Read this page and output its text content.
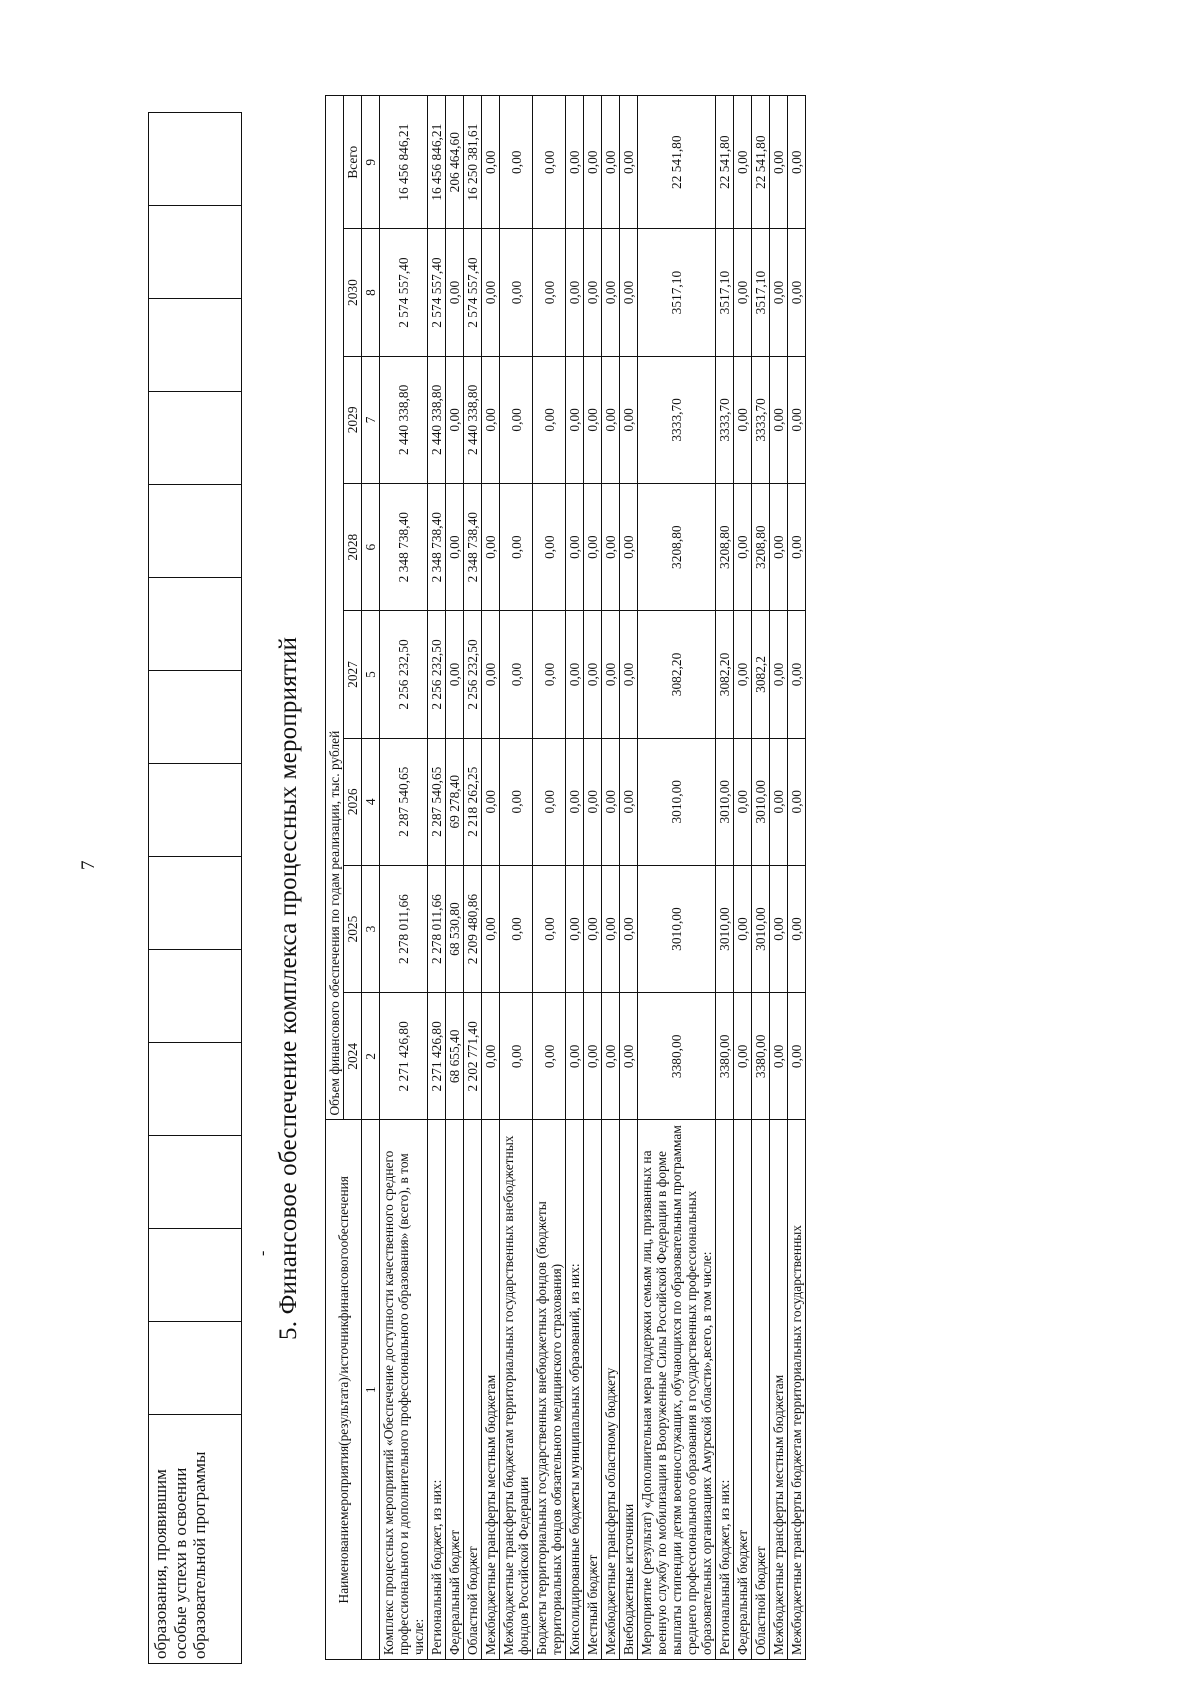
7
образования, проявившим особые успехи в освоении образовательной программы														
- 5. Финансовое обеспечение комплекса процессных мероприятий
Наименованиемероприятия(результата)/источникфинансовогообеспечения	Объем финансового обеспечения по годам реализации, тыс. рублей							
	2024	2025	2026	2027	2028	2029	2030	Всего
1	2	3	4	5	6	7	8	9
Комплекс процессных мероприятий «Обеспечение доступности качественного среднего профессионального и дополнительного профессионального образования» (всего), в том числе:	2 271 426,80	2 278 011,66	2 287 540,65	2 256 232,50	2 348 738,40	2 440 338,80	2 574 557,40	16 456 846,21
Региональный бюджет, из них:	2 271 426,80	2 278 011,66	2 287 540,65	2 256 232,50	2 348 738,40	2 440 338,80	2 574 557,40	16 456 846,21
Федеральный бюджет	68 655,40	68 530,80	69 278,40	0,00	0,00	0,00	0,00	206 464,60
Областной бюджет	2 202 771,40	2 209 480,86	2 218 262,25	2 256 232,50	2 348 738,40	2 440 338,80	2 574 557,40	16 250 381,61
Межбюджетные трансферты местным бюджетам	0,00	0,00	0,00	0,00	0,00	0,00	0,00	0,00
Межбюджетные трансферты бюджетам территориальных государственных внебюджетных фондов Российской Федерации	0,00	0,00	0,00	0,00	0,00	0,00	0,00	0,00
Бюджеты территориальных государственных внебюджетных фондов (бюджеты территориальных фондов обязательного медицинского страхования)	0,00	0,00	0,00	0,00	0,00	0,00	0,00	0,00
Консолидированные бюджеты муниципальных образований, из них:	0,00	0,00	0,00	0,00	0,00	0,00	0,00	0,00
Местный бюджет	0,00	0,00	0,00	0,00	0,00	0,00	0,00	0,00
Межбюджетные трансферты областному бюджету	0,00	0,00	0,00	0,00	0,00	0,00	0,00	0,00
Внебюджетные источники	0,00	0,00	0,00	0,00	0,00	0,00	0,00	0,00
Мероприятие (результат) «Дополнительная мера поддержки семьям лиц, призванных на военную службу по мобилизации в Вооруженные Силы Российской Федерации в форме выплаты стипендии детям военнослужащих, обучающихся по образовательным программам среднего профессионального образования в государственных профессиональных образовательных организациях Амурской области»,всего, в том числе:	3380,00	3010,00	3010,00	3082,20	3208,80	3333,70	3517,10	22 541,80
Региональный бюджет, из них:	3380,00	3010,00	3010,00	3082,20	3208,80	3333,70	3517,10	22 541,80
Федеральный бюджет	0,00	0,00	0,00	0,00	0,00	0,00	0,00	0,00
Областной бюджет	3380,00	3010,00	3010,00	3082,2	3208,80	3333,70	3517,10	22 541,80
Межбюджетные трансферты местным бюджетам	0,00	0,00	0,00	0,00	0,00	0,00	0,00	0,00
Межбюджетные трансферты бюджетам территориальных государственных	0,00	0,00	0,00	0,00	0,00	0,00	0,00	0,00
